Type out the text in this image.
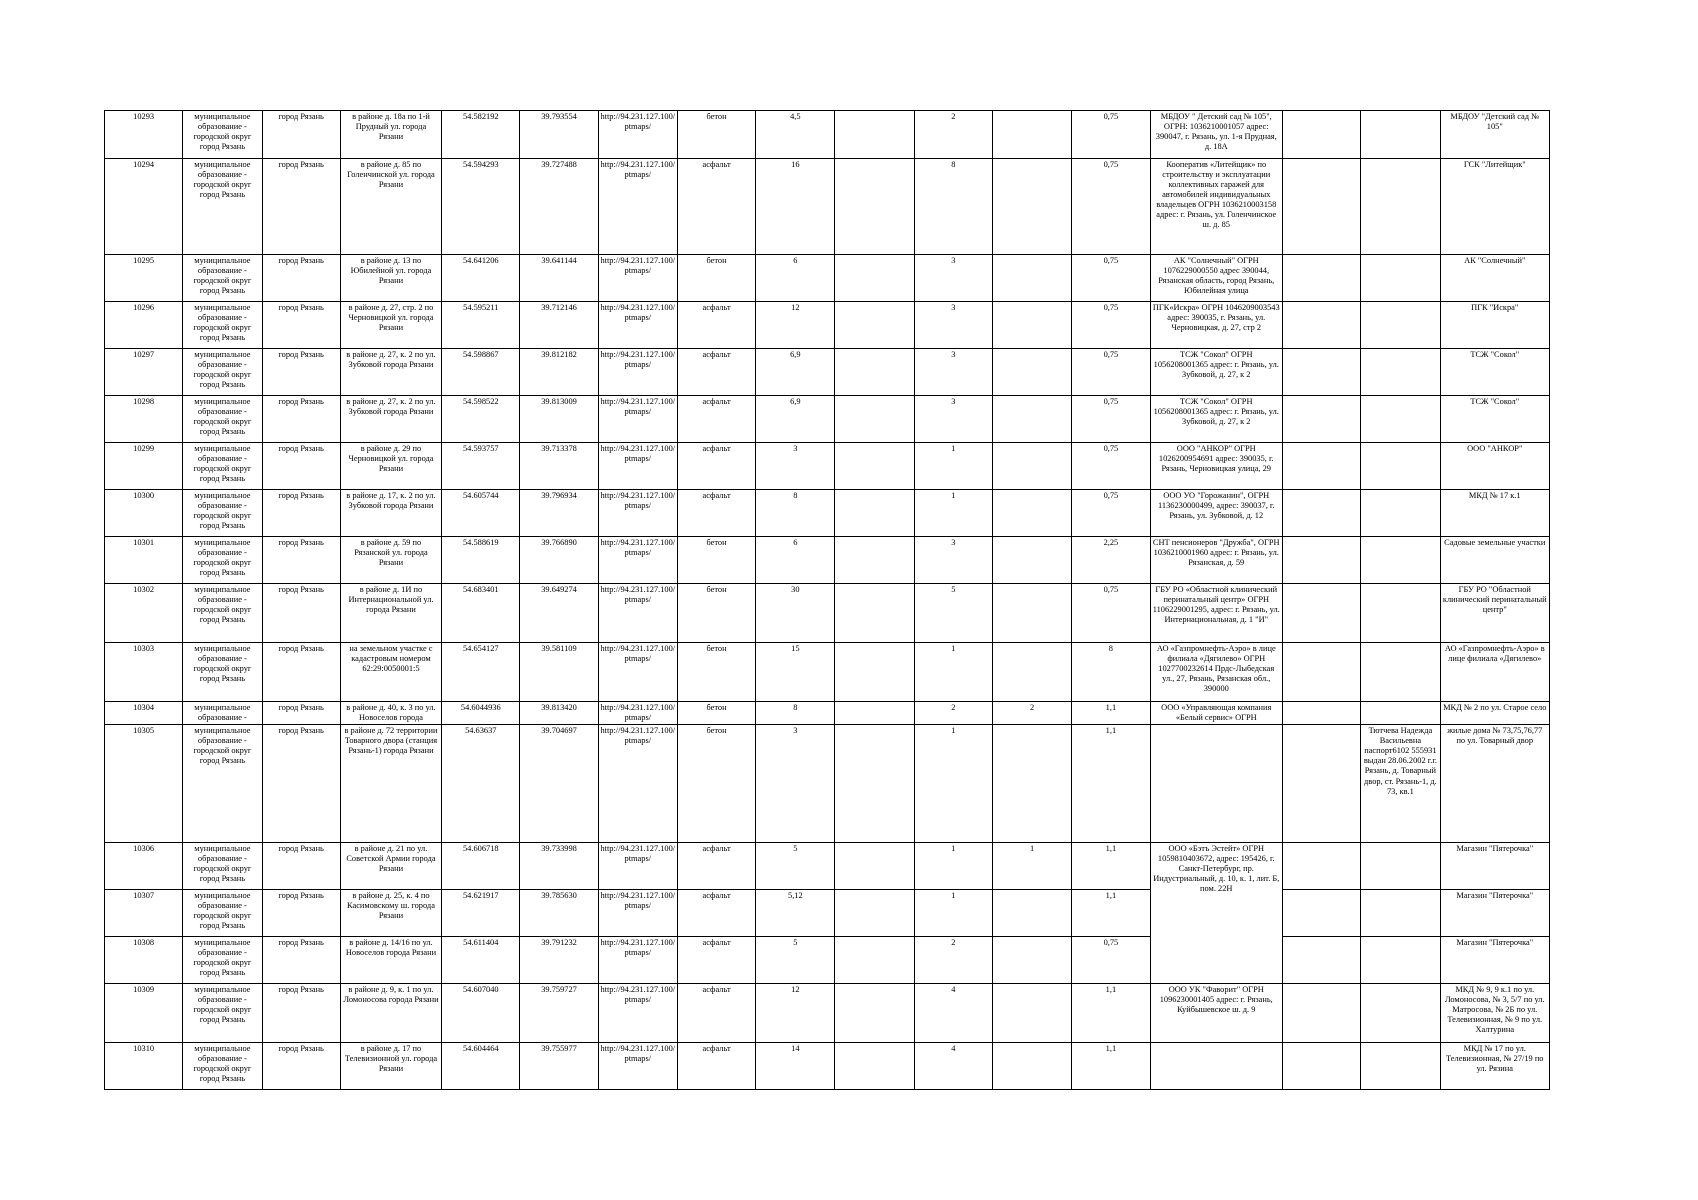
10293	муниципальное образование - городской округ город Рязань	город Рязань	в районе д. 18а по 1-й Прудный ул. города Рязани	54.582192	39.793554	http://94.231.127.100/ptmaps/	бетон	4,5		2		0,75	МБДОУ " Детский сад № 105", ОГРН: 1036210001057 адрес: 390047, г. Рязань, ул. 1-я Прудная, д. 18А			МБДОУ "Детский сад № 105"
10294	муниципальное образование - городской округ город Рязань	город Рязань	в районе д. 85 по Голенчинской ул. города Рязани	54.594293	39.727488	http://94.231.127.100/ptmaps/	асфальт	16		8		0,75	Кооператив «Литейщик» по строительству и эксплуатации коллективных гаражей для автомобилей индивидуальных владельцев ОГРН 1036210003158 адрес: г. Рязань, ул. Голенчинское ш. д. 85			ГСК "Литейщик"
10295	муниципальное образование - городской округ город Рязань	город Рязань	в районе д. 13 по Юбилейной ул. города Рязани	54.641206	39.641144	http://94.231.127.100/ptmaps/	бетон	6		3		0,75	АК "Солнечный" ОГРН 1076229000550 адрес 390044, Рязанская область, город Рязань, Юбилейная улица			АК "Солнечный"
10296	муниципальное образование - городской округ город Рязань	город Рязань	в районе д. 27, стр. 2 по Черновицкой ул. города Рязани	54.595211	39.712146	http://94.231.127.100/ptmaps/	асфальт	12		3		0,75	ПГК«Искра» ОГРН 1046209003543 адрес: 390035, г. Рязань, ул. Черновицкая, д. 27, стр 2			ПГК "Искра"
10297	муниципальное образование - городской округ город Рязань	город Рязань	в районе д. 27, к. 2 по ул. Зубковой города Рязани	54.598867	39.812182	http://94.231.127.100/ptmaps/	асфальт	6,9		3		0,75	ТСЖ "Сокол" ОГРН 1056208001365 адрес: г. Рязань, ул. Зубковой, д. 27, к 2			ТСЖ "Сокол"
10298	муниципальное образование - городской округ город Рязань	город Рязань	в районе д. 27, к. 2 по ул. Зубковой города Рязани	54.598522	39.813009	http://94.231.127.100/ptmaps/	асфальт	6,9		3		0,75	ТСЖ "Сокол" ОГРН 1056208001365 адрес: г. Рязань, ул. Зубковой, д. 27, к 2			ТСЖ "Сокол"
10299	муниципальное образование - городской округ город Рязань	город Рязань	в районе д. 29 по Черновицкой ул. города Рязани	54.593757	39.713378	http://94.231.127.100/ptmaps/	асфальт	3		1		0,75	ООО "АНКОР" ОГРН 1026200954691 адрес: 390035, г. Рязань, Черновицкая улица, 29			ООО "АНКОР"
10300	муниципальное образование - городской округ город Рязань	город Рязань	в районе д. 17, к. 2 по ул. Зубковой города Рязани	54.605744	39.796934	http://94.231.127.100/ptmaps/	асфальт	8		1		0,75	ООО УО "Горожанин", ОГРН 1136230000499, адрес: 390037, г. Рязань, ул. Зубковой, д. 12			МКД № 17 к.1
10301	муниципальное образование - городской округ город Рязань	город Рязань	в районе д. 59 по Рязанской ул. города Рязани	54.588619	39.766890	http://94.231.127.100/ptmaps/	бетон	6		3		2,25	СНТ пенсионеров "Дружба", ОГРН 1036210001960 адрес: г. Рязань, ул. Рязанская, д. 59			Садовые земельные участки
10302	муниципальное образование - городской округ город Рязань	город Рязань	в районе д. 1И по Интернациональной ул. города Рязани	54.683401	39.649274	http://94.231.127.100/ptmaps/	бетон	30		5		0,75	ГБУ РО «Областной клинический перинатальный центр» ОГРН 1106229001295, адрес: г. Рязань, ул. Интернациональная, д. 1 "И"			ГБУ РО "Областной клинический перинатальный центр"
10303	муниципальное образование - городской округ город Рязань	город Рязань	на земельном участке с кадастровым номером 62:29:0050001:5	54.654127	39.581109	http://94.231.127.100/ptmaps/	бетон	15		1		8	АО «Газпромнефть-Аэро» в лице филиала «Дягилево» ОГРН 1027700232614 Прдс-Лыбедская ул., 27, Рязань, Рязанская обл., 390000			АО «Газпромнефть-Аэро» в лице филиала «Дягилево»
10304	муниципальное образование -	город Рязань	в районе д. 40, к. 3 по ул. Новоселов города	54.6044936	39.813420	http://94.231.127.100/ptmaps/	бетон	8		2	2	1,1	ООО «Управляющая компания «Белый сервис» ОГРН			МКД № 2 по ул. Старое село
10305	муниципальное образование - городской округ город Рязань	город Рязань	в районе д. 72 территории Товарного двора (станция Рязань-1) города Рязани	54.63637	39.704697	http://94.231.127.100/ptmaps/	бетон	3		1		1,1			Тютчева Надежда Васильевна паспорт6102 555931 выдан 28.06.2002 г.г. Рязань, д. Товарный двор, ст. Рязань-1, д. 73, кв.1	жилые дома № 73,75,76,77 по ул. Товарный двор
10306	муниципальное образование - городской округ город Рязань	город Рязань	в районе д. 21 по ул. Советской Армии города Рязани	54.606718	39.733998	http://94.231.127.100/ptmaps/	асфальт	5		1	1	1,1	ООО «Бэтъ Эстейт» ОГРН 1059810403672, адрес: 195426, г. Санкт-Петербург, пр. Индустриальный, д. 10, к. 1, лит. Б, пом. 22Н			Магазин "Пятерочка"
10307	муниципальное образование - городской округ город Рязань	город Рязань	в районе д. 25, к. 4 по Касимовскому ш. города Рязани	54.621917	39.785630	http://94.231.127.100/ptmaps/	асфальт	5,12		1		1,1				Магазин "Пятерочка"
10308	муниципальное образование - городской округ город Рязань	город Рязань	в районе д. 14/16 по ул. Новоселов города Рязани	54.611404	39.791232	http://94.231.127.100/ptmaps/	асфальт	5		2		0,75				Магазин "Пятерочка"
10309	муниципальное образование - городской округ город Рязань	город Рязань	в районе д. 9, к. 1 по ул. Ломоносова города Рязани	54.607040	39.759727	http://94.231.127.100/ptmaps/	асфальт	12		4		1,1	ООО УК "Фаворит" ОГРН 1096230001405 адрес: г. Рязань, Куйбышевское ш. д. 9			МКД № 9, 9 к.1 по ул. Ломоносова, № 3, 5/7 по ул. Матросова, № 2Б по ул. Телевизионная, № 9 по ул. Халтурина
10310	муниципальное образование - городской округ город Рязань	город Рязань	в районе д. 17 по Телевизионной ул. города Рязани	54.604464	39.755977	http://94.231.127.100/ptmaps/	асфальт	14		4		1,1				МКД № 17 по ул. Телевизионная, № 27/19 по ул. Рязина
